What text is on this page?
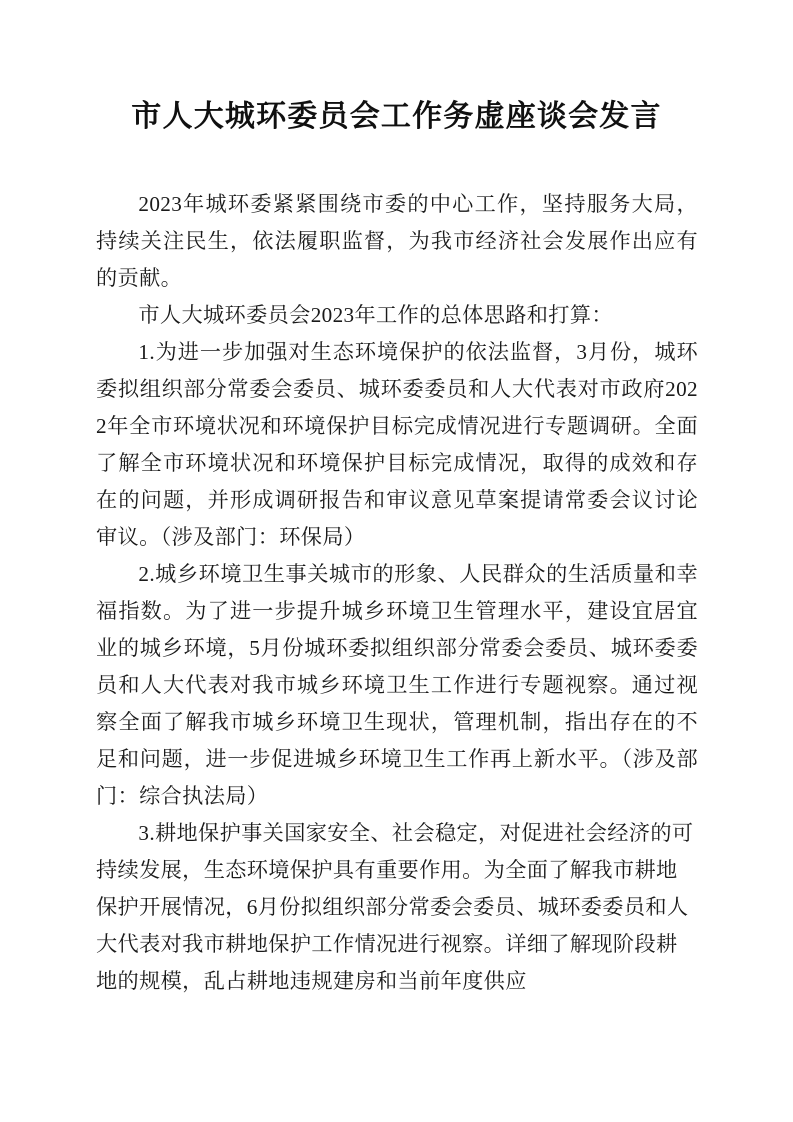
市人大城环委员会工作务虚座谈会发言

2023年城环委紧紧围绕市委的中心工作，坚持服务大局，持续关注民生，依法履职监督，为我市经济社会发展作出应有的贡献。

市人大城环委员会2023年工作的总体思路和打算：

1.为进一步加强对生态环境保护的依法监督，3月份，城环委拟组织部分常委会委员、城环委委员和人大代表对市政府2022年全市环境状况和环境保护目标完成情况进行专题调研。全面了解全市环境状况和环境保护目标完成情况，取得的成效和存在的问题，并形成调研报告和审议意见草案提请常委会议讨论审议。（涉及部门：环保局）

2.城乡环境卫生事关城市的形象、人民群众的生活质量和幸福指数。为了进一步提升城乡环境卫生管理水平，建设宜居宜业的城乡环境，5月份城环委拟组织部分常委会委员、城环委委员和人大代表对我市城乡环境卫生工作进行专题视察。通过视察全面了解我市城乡环境卫生现状，管理机制，指出存在的不足和问题，进一步促进城乡环境卫生工作再上新水平。（涉及部门：综合执法局）

3.耕地保护事关国家安全、社会稳定，对促进社会经济的可持续发展，生态环境保护具有重要作用。为全面了解我市耕地保护开展情况，6月份拟组织部分常委会委员、城环委委员和人大代表对我市耕地保护工作情况进行视察。详细了解现阶段耕地的规模，乱占耕地违规建房和当前年度供应
